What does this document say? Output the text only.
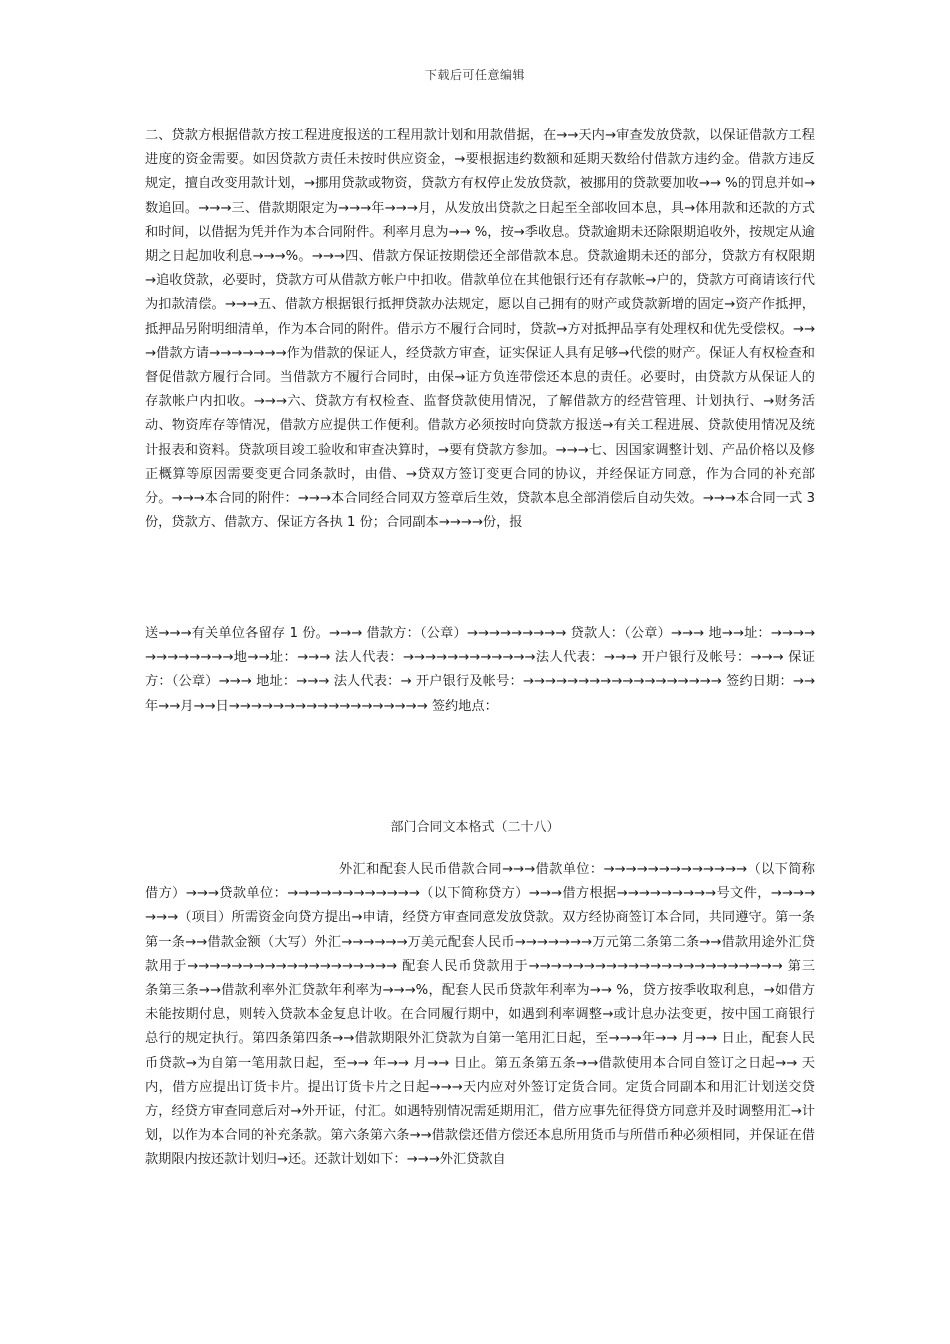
下载后可任意编辑

二、贷款方根据借款方按工程进度报送的工程用款计划和用款借据，在→→天内→审查发放贷款，以保证借款方工程进度的资金需要。如因贷款方责任未按时供应资金，→要根据违约数额和延期天数给付借款方违约金。借款方违反规定，擅自改变用款计划，→挪用贷款或物资，贷款方有权停止发放贷款，被挪用的贷款要加收→→ %的罚息并如→数追回。→→→三、借款期限定为→→→年→→→月，从发放出贷款之日起至全部收回本息，具→体用款和还款的方式和时间，以借据为凭并作为本合同附件。利率月息为→→ %，按→季收息。贷款逾期未还除限期追收外，按规定从逾期之日起加收利息→→→%。→→→四、借款方保证按期偿还全部借款本息。贷款逾期未还的部分，贷款方有权限期→追收贷款，必要时，贷款方可从借款方帐户中扣收。借款单位在其他银行还有存款帐→户的，贷款方可商请该行代为扣款清偿。→→→五、借款方根据银行抵押贷款办法规定，愿以自己拥有的财产或贷款新增的固定→资产作抵押，抵押品另附明细清单，作为本合同的附件。借示方不履行合同时，贷款→方对抵押品享有处理权和优先受偿权。→→→借款方请→→→→→→→作为借款的保证人，经贷款方审查，证实保证人具有足够→代偿的财产。保证人有权检查和督促借款方履行合同。当借款方不履行合同时，由保→证方负连带偿还本息的责任。必要时，由贷款方从保证人的存款帐户内扣收。→→→六、贷款方有权检查、监督贷款使用情况，了解借款方的经营管理、计划执行、→财务活动、物资库存等情况，借款方应提供工作便利。借款方必须按时向贷款方报送→有关工程进展、贷款使用情况及统计报表和资料。贷款项目竣工验收和审查决算时，→要有贷款方参加。→→→七、因国家调整计划、产品价格以及修正概算等原因需要变更合同条款时，由借、→贷双方签订变更合同的协议，并经保证方同意，作为合同的补充部分。→→→本合同的附件：→→→本合同经合同双方签章后生效，贷款本息全部消偿后自动失效。→→→本合同一式 3 份，贷款方、借款方、保证方各执 1 份；合同副本→→→→份，报

送→→→有关单位各留存 1 份。→→→ 借款方：（公章）→→→→→→→→→ 贷款人：（公章）→→→ 地→→址：→→→→→→→→→→→→地→→址：→→→ 法人代表：→→→→→→→→→→→→法人代表：→→→ 开户银行及帐号：→→→ 保证方：（公章）→→→ 地址：→→→ 法人代表：→ 开户银行及帐号：→→→→→→→→→→→→→→→→→→ 签约日期：→→ 年→→月→→日→→→→→→→→→→→→→→→→→→ 签约地点：

部门合同文本格式（二十八）

外汇和配套人民币借款合同→→→借款单位：→→→→→→→→→→→→→（以下简称借方）→→→贷款单位：→→→→→→→→→→→→（以下简称贷方）→→→借方根据→→→→→→→→→号文件，→→→→→→→（项目）所需资金向贷方提出→申请，经贷方审查同意发放贷款。双方经协商签订本合同，共同遵守。第一条第一条→→借款金额（大写）外汇→→→→→→万美元配套人民币→→→→→→→万元第二条第二条→→借款用途外汇贷款用于→→→→→→→→→→→→→→→→→→→ 配套人民币贷款用于→→→→→→→→→→→→→→→→→→→→→→→ 第三条第三条→→借款利率外汇贷款年利率为→→→%，配套人民币贷款年利率为→→ %，贷方按季收取利息，→如借方未能按期付息，则转入贷款本金复息计收。在合同履行期中，如遇到利率调整→或计息办法变更，按中国工商银行总行的规定执行。第四条第四条→→借款期限外汇贷款为自第一笔用汇日起，至→→→年→→ 月→→ 日止，配套人民币贷款→为自第一笔用款日起，至→→ 年→→ 月→→ 日止。第五条第五条→→借款使用本合同自签订之日起→→ 天内，借方应提出订货卡片。提出订货卡片之日起→→→天内应对外签订定货合同。定货合同副本和用汇计划送交贷方，经贷方审查同意后对→外开证，付汇。如遇特别情况需延期用汇，借方应事先征得贷方同意并及时调整用汇→计划，以作为本合同的补充条款。第六条第六条→→借款偿还借方偿还本息所用货币与所借币种必须相同，并保证在借款期限内按还款计划归→还。还款计划如下：→→→外汇贷款自
